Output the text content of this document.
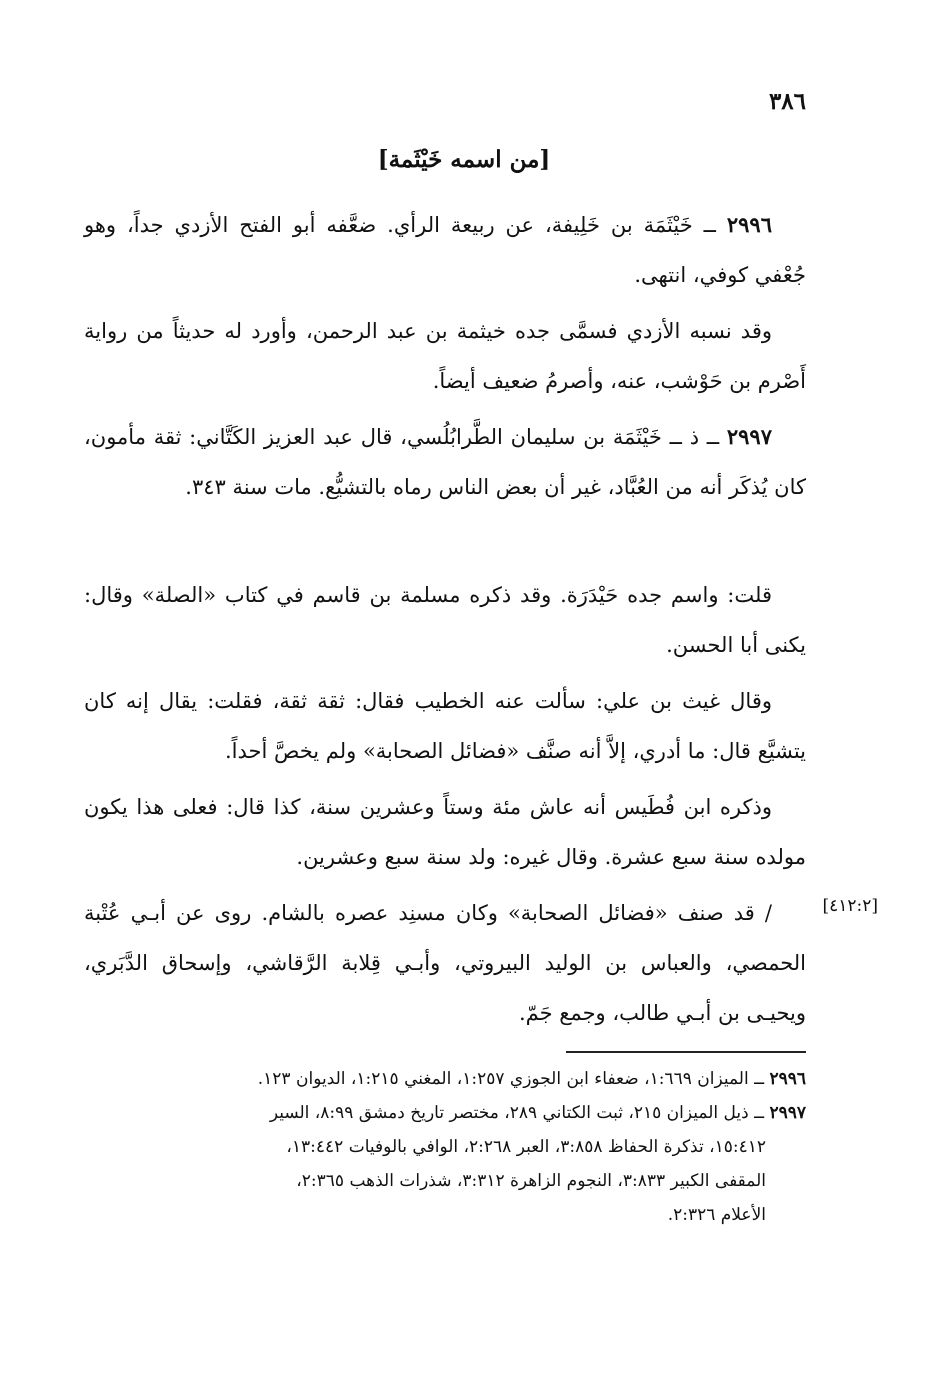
٣٨٦
[من اسمه خَيْثَمة]

٢٩٩٦ ــ خَيْثَمَة بن خَلِيفة، عن ربيعة الرأي. ضعَّفه أبو الفتح الأزدي جداً، وهو جُعْفي كوفي، انتهى.

وقد نسبه الأزدي فسمَّى جده خيثمة بن عبد الرحمن، وأورد له حديثاً من رواية أَصْرم بن حَوْشب، عنه، وأصرمُ ضعيف أيضاً.

٢٩٩٧ ــ ذ ــ خَيْثَمَة بن سليمان الطَّرابُلُسي، قال عبد العزيز الكَتَّاني: ثقة مأمون، كان يُذكَر أنه من العُبَّاد، غير أن بعض الناس رماه بالتشيُّع. مات سنة ٣٤٣.

قلت: واسم جده حَيْدَرَة. وقد ذكره مسلمة بن قاسم في كتاب «الصلة» وقال: يكنى أبا الحسن.

وقال غيث بن علي: سألت عنه الخطيب فقال: ثقة ثقة، فقلت: يقال إنه كان يتشيَّع قال: ما أدري، إلاَّ أنه صنَّف «فضائل الصحابة» ولم يخصَّ أحداً.

وذكره ابن فُطَيس أنه عاش مئة وستاً وعشرين سنة، كذا قال: فعلى هذا يكون مولده سنة سبع عشرة. وقال غيره: ولد سنة سبع وعشرين.

/ قد صنف «فضائل الصحابة» وكان مسنِد عصره بالشام. روى عن أبـي عُتْبة الحمصي، والعباس بن الوليد البيروتي، وأبـي قِلابة الرَّقاشي، وإسحاق الدَّبَري، ويحيـى بن أبـي طالب، وجمع جَمّ.

[٤١٢:٢]

٢٩٩٦ ــ الميزان ١:٦٦٩، ضعفاء ابن الجوزي ١:٢٥٧، المغني ١:٢١٥، الديوان ١٢٣.

٢٩٩٧ ــ ذيل الميزان ٢١٥، ثبت الكتاني ٢٨٩، مختصر تاريخ دمشق ٨:٩٩، السير

١٥:٤١٢، تذكرة الحفاظ ٣:٨٥٨، العبر ٢:٢٦٨، الوافي بالوفيات ١٣:٤٤٢،

المقفى الكبير ٣:٨٣٣، النجوم الزاهرة ٣:٣١٢، شذرات الذهب ٢:٣٦٥،

الأعلام ٢:٣٢٦.
